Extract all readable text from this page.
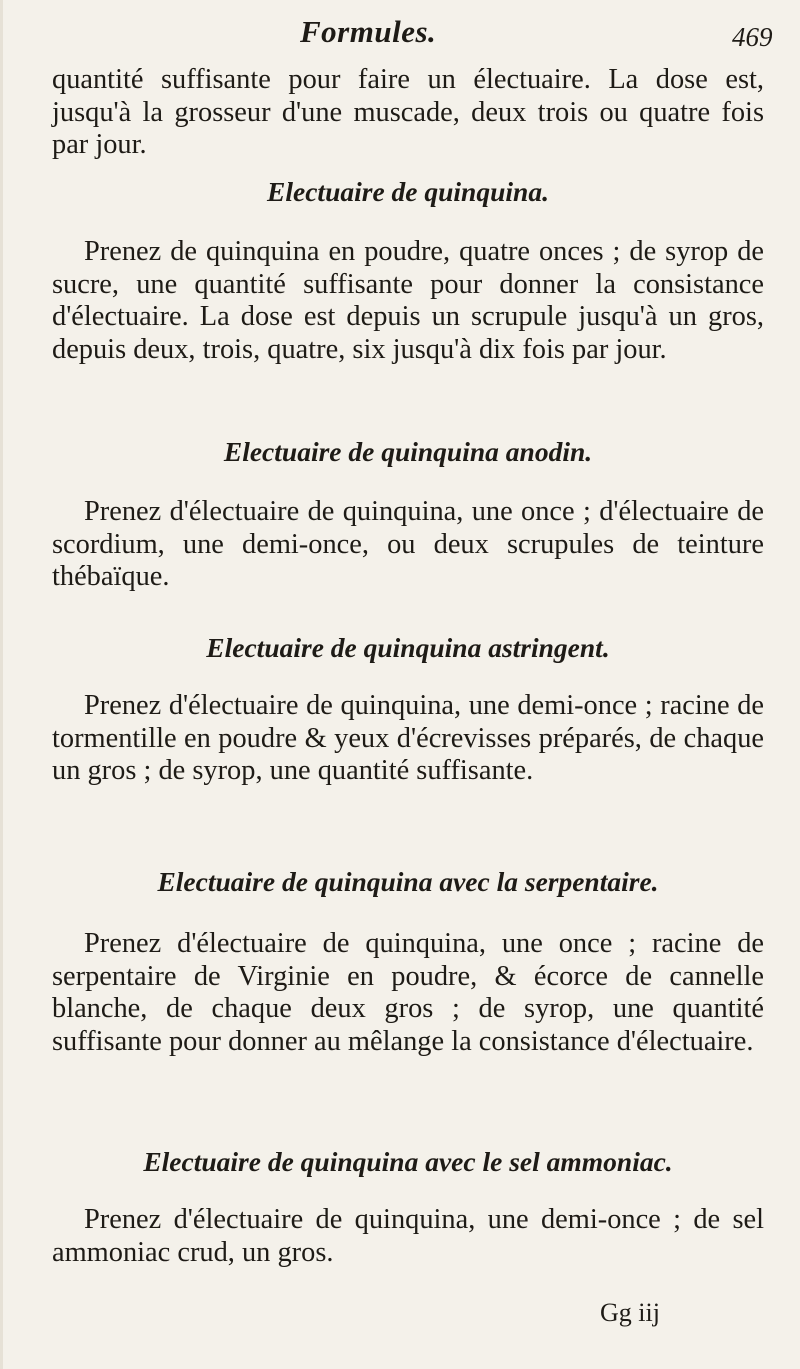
Formules.	469

quantité suffisante pour faire un électuaire. La dose est, jusqu'à la grosseur d'une muscade, deux trois ou quatre fois par jour.

Electuaire de quinquina.

Prenez de quinquina en poudre, quatre onces ; de syrop de sucre, une quantité suffisante pour donner la consistance d'électuaire. La dose est depuis un scrupule jusqu'à un gros, depuis deux, trois, quatre, six jusqu'à dix fois par jour.

Electuaire de quinquina anodin.

Prenez d'électuaire de quinquina, une once ; d'électuaire de scordium, une demi-once, ou deux scrupules de teinture thébaïque.

Electuaire de quinquina astringent.

Prenez d'électuaire de quinquina, une demi-once ; racine de tormentille en poudre & yeux d'écrevisses préparés, de chaque un gros ; de syrop, une quantité suffisante.

Electuaire de quinquina avec la serpentaire.

Prenez d'électuaire de quinquina, une once ; racine de serpentaire de Virginie en poudre, & écorce de cannelle blanche, de chaque deux gros ; de syrop, une quantité suffisante pour donner au mêlange la consistance d'électuaire.

Electuaire de quinquina avec le sel ammoniac.

Prenez d'électuaire de quinquina, une demi-once ; de sel ammoniac crud, un gros.

Gg iij
